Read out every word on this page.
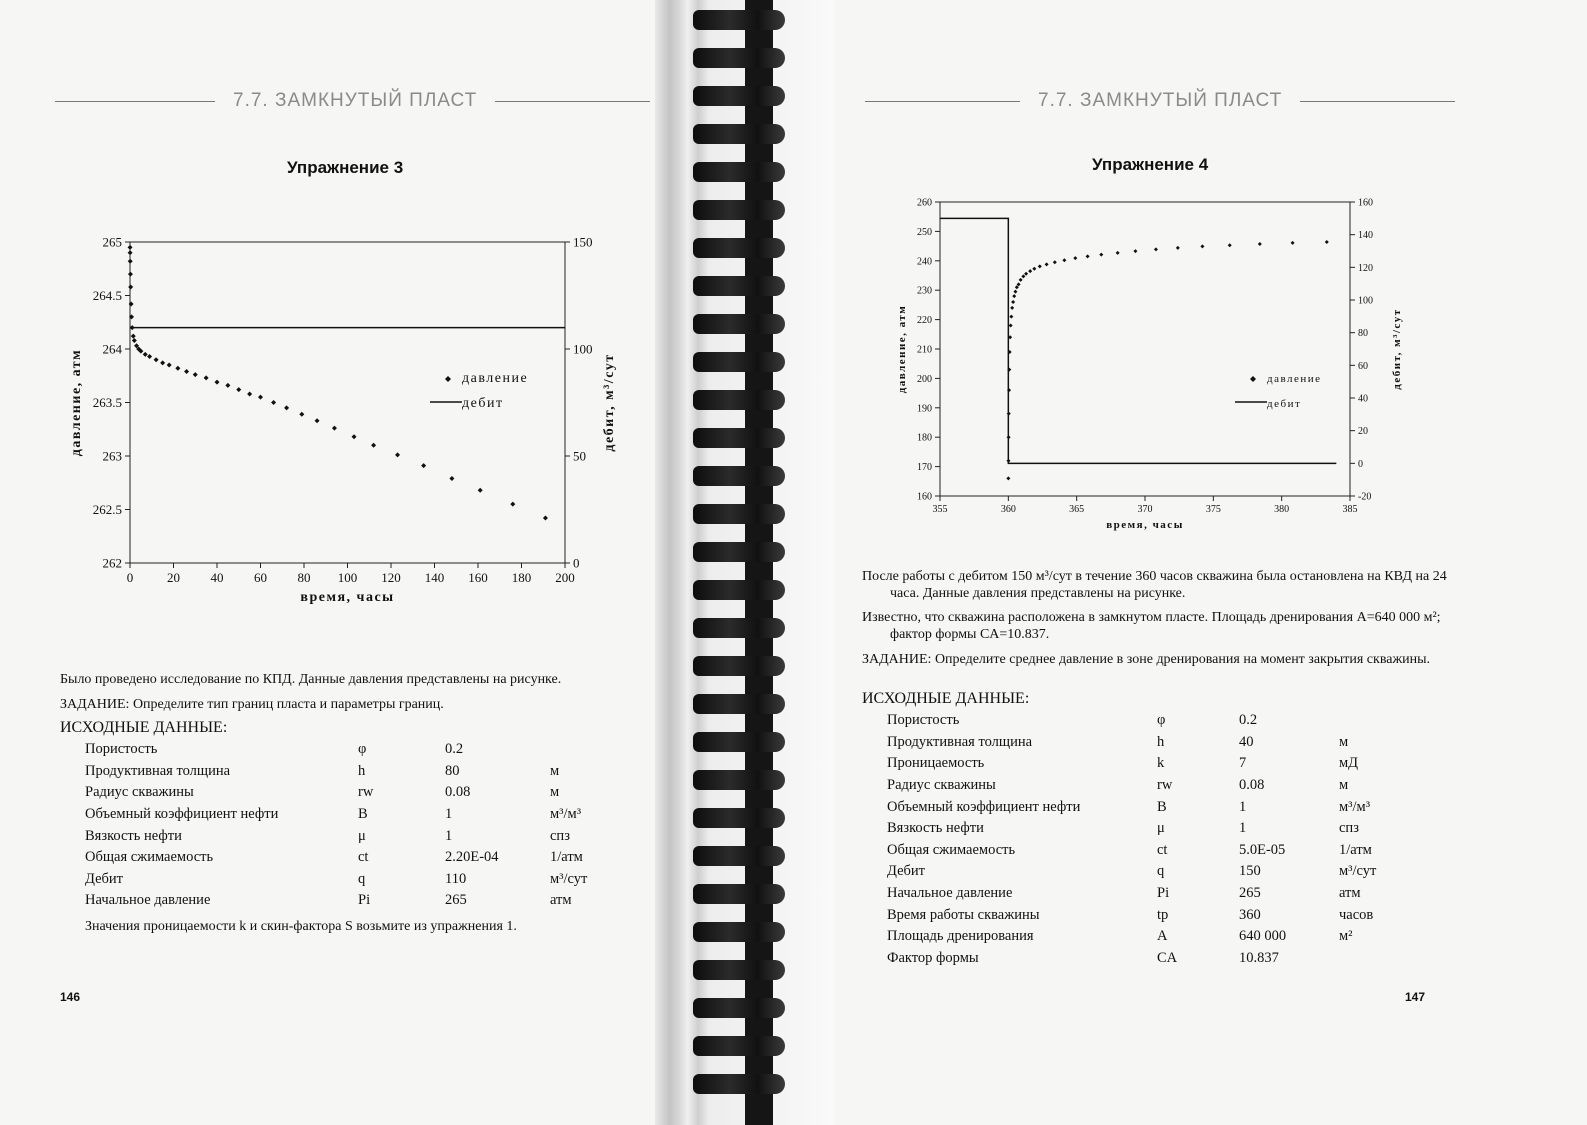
7.7. ЗАМКНУТЫЙ ПЛАСТ
Упражнение 3
0	20 40 60 80 100 120 140 160 180 200
262
262.5
263
263.5
264
264.5
265
0
50
100
150
время, часы
давление, атм	дебит, м³/сут
давление
дебит
Было проведено исследование по КПД. Данные давления представлены на рисунке.
ЗАДАНИЕ: Определите тип границ пласта и параметры границ.
ИСХОДНЫЕ ДАННЫЕ:
Пористость	φ	0.2	
Продуктивная толщина	h	80	м
Радиус скважины	rw	0.08	м
Объемный коэффициент нефти	B	1	м³/м³
Вязкость нефти	μ	1	спз
Общая сжимаемость	ct	2.20E-04	1/атм
Дебит	q	110	м³/сут
Начальное давление	Pi	265	атм
Значения проницаемости k и скин-фактора S возьмите из упражнения 1.
146
7.7. ЗАМКНУТЫЙ ПЛАСТ
Упражнение 4
355	360	365	370	375	380	385
160
170
180
190
200
210
220
230
240
250
260
-20
0
20
40
60
80
100
120
140
160
время, часы
давление, атм	дебит, м³/сут
давление
дебит
После работы с дебитом 150 м³/сут в течение 360 часов скважина была остановлена на КВД на 24 часа. Данные давления представлены на рисунке.
Известно, что скважина расположена в замкнутом пласте. Площадь дренирования A=640 000 м²; фактор формы CA=10.837.
ЗАДАНИЕ: Определите среднее давление в зоне дренирования на момент закрытия скважины.
ИСХОДНЫЕ ДАННЫЕ:
Пористость	φ	0.2	
Продуктивная толщина	h	40	м
Проницаемость	k	7	мД
Радиус скважины	rw	0.08	м
Объемный коэффициент нефти	B	1	м³/м³
Вязкость нефти	μ	1	спз
Общая сжимаемость	ct	5.0E-05	1/атм
Дебит	q	150	м³/сут
Начальное давление	Pi	265	атм
Время работы скважины	tp	360	часов
Площадь дренирования	A	640 000	м²
Фактор формы	CA	10.837	
147
